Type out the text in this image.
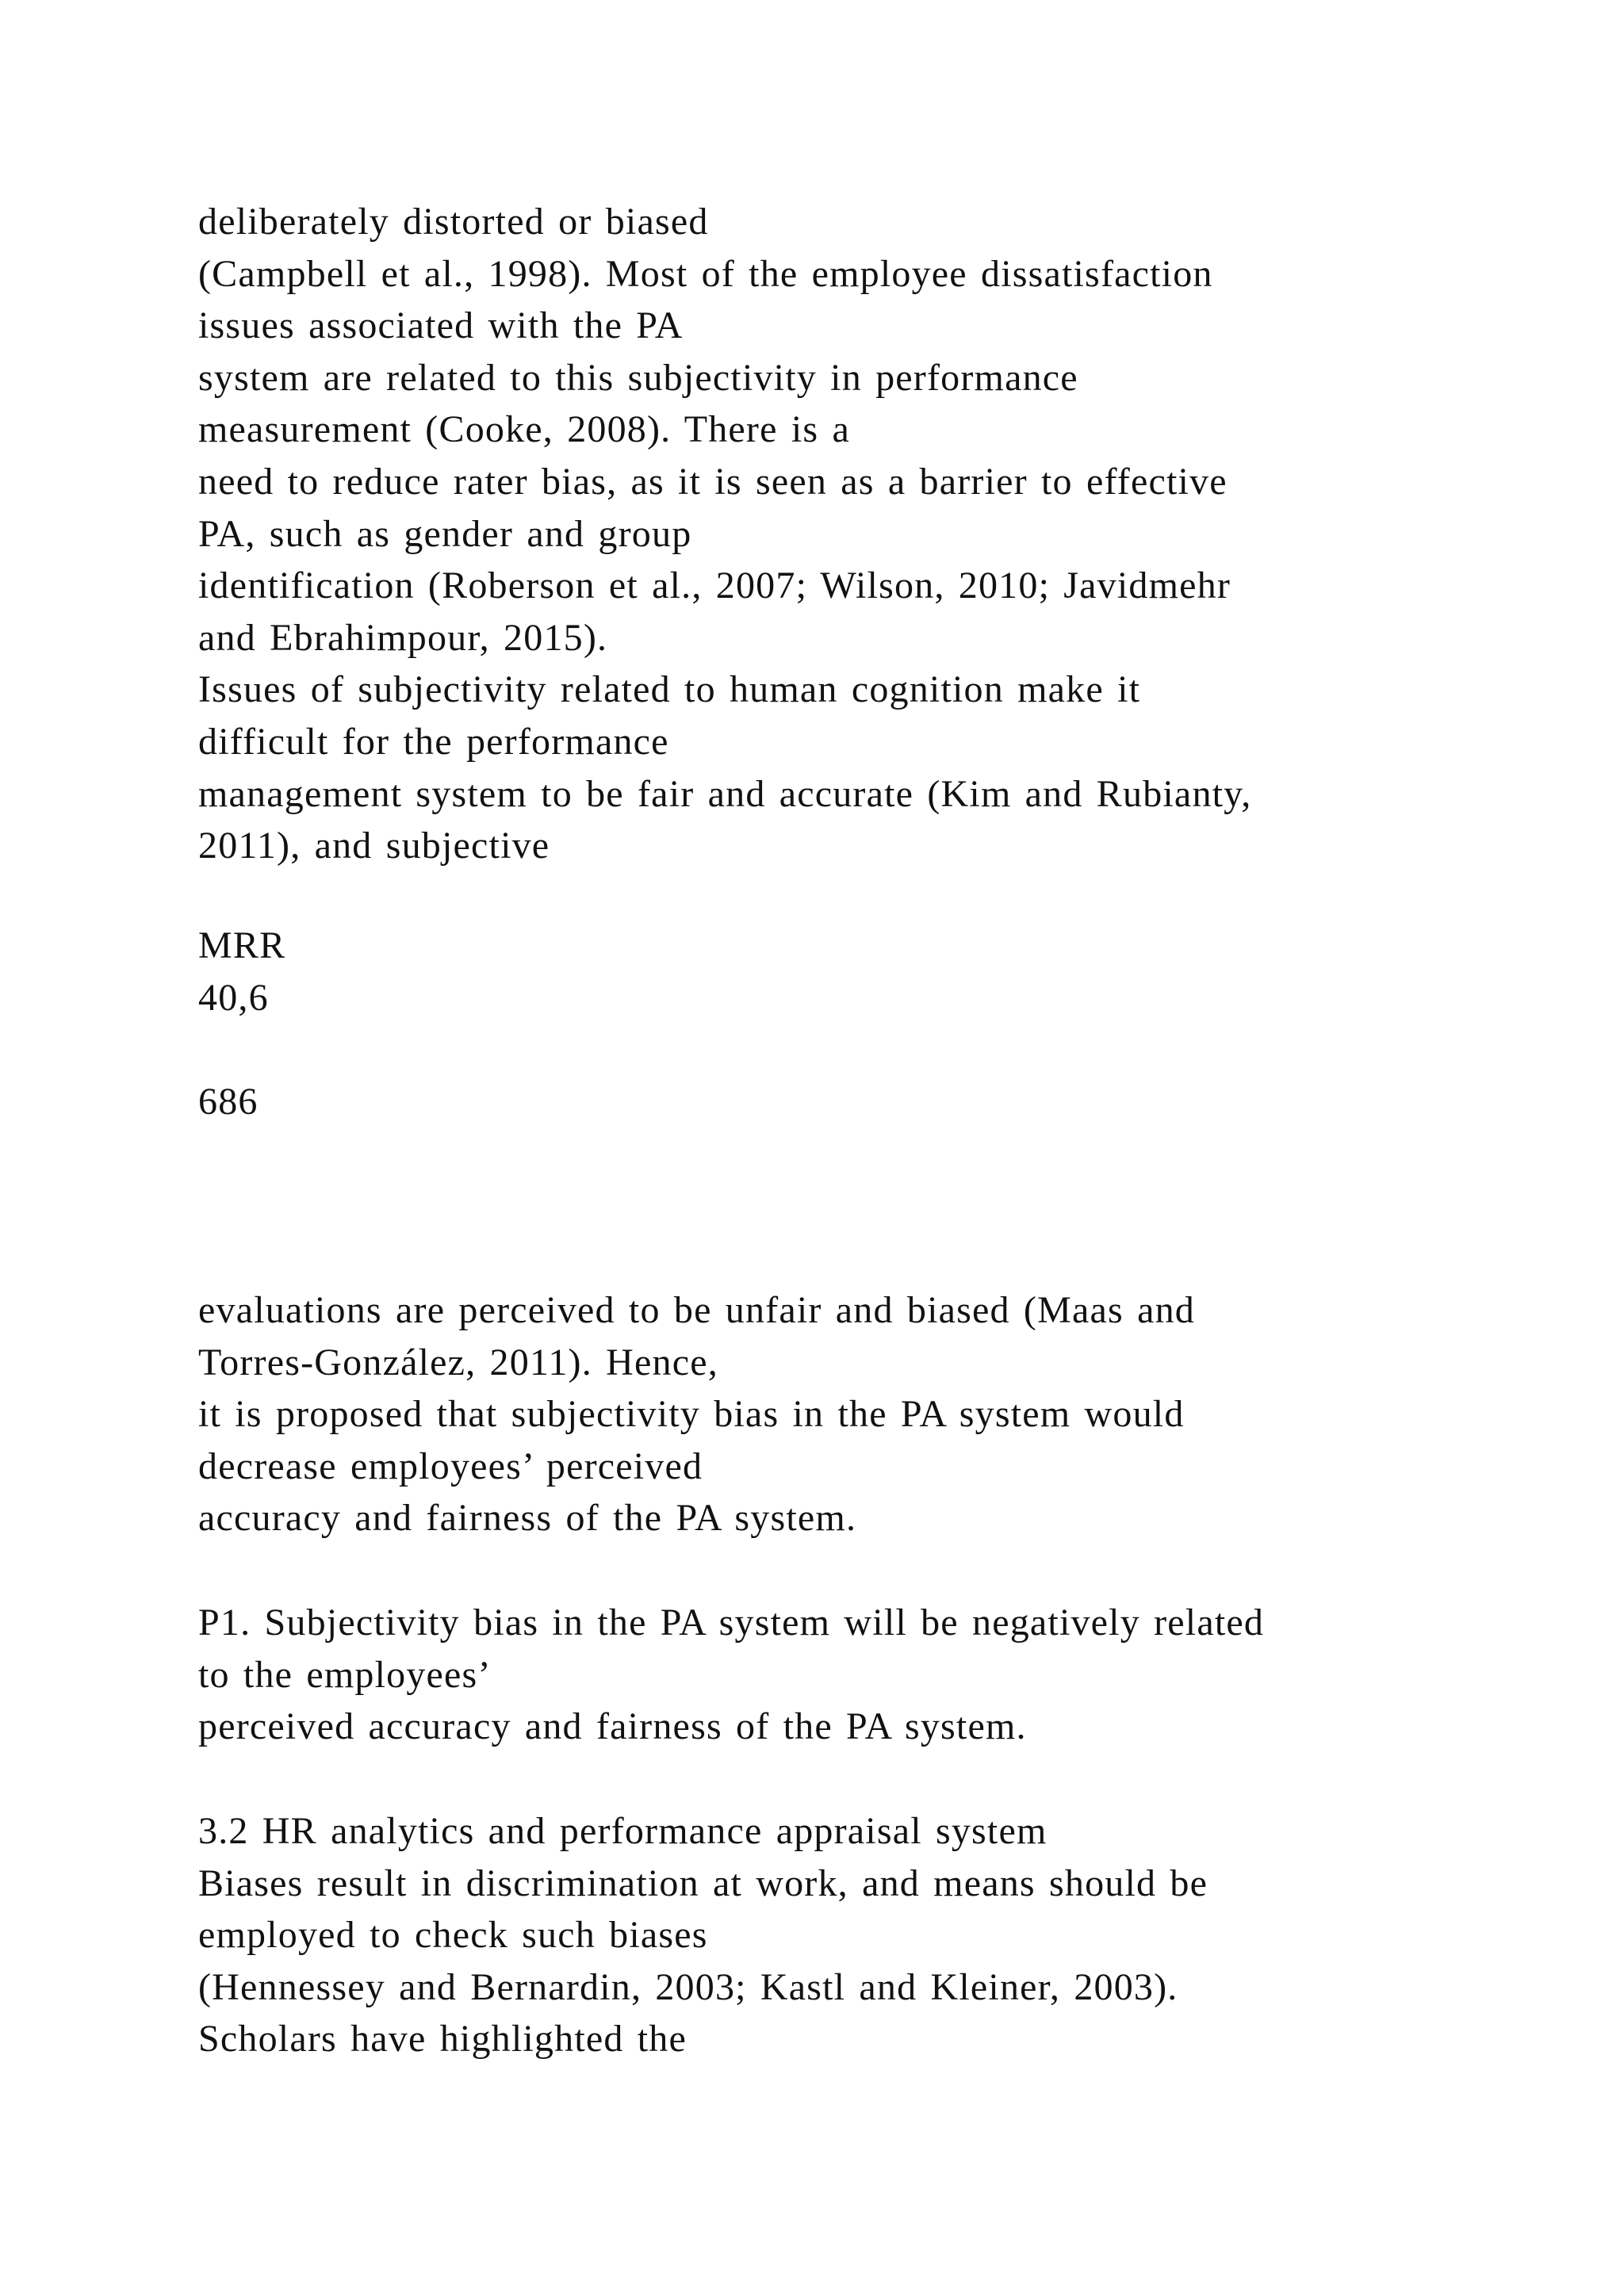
deliberately distorted or biased
(Campbell et al., 1998). Most of the employee dissatisfaction
issues associated with the PA
system are related to this subjectivity in performance
measurement (Cooke, 2008). There is a
need to reduce rater bias, as it is seen as a barrier to effective
PA, such as gender and group
identification (Roberson et al., 2007; Wilson, 2010; Javidmehr
and Ebrahimpour, 2015).
Issues of subjectivity related to human cognition make it
difficult for the performance
management system to be fair and accurate (Kim and Rubianty,
2011), and subjective
MRR
40,6
686
evaluations are perceived to be unfair and biased (Maas and
Torres-González, 2011). Hence,
it is proposed that subjectivity bias in the PA system would
decrease employees’ perceived
accuracy and fairness of the PA system.
P1. Subjectivity bias in the PA system will be negatively related
to the employees’
perceived accuracy and fairness of the PA system.
3.2 HR analytics and performance appraisal system
Biases result in discrimination at work, and means should be
employed to check such biases
(Hennessey and Bernardin, 2003; Kastl and Kleiner, 2003).
Scholars have highlighted the
